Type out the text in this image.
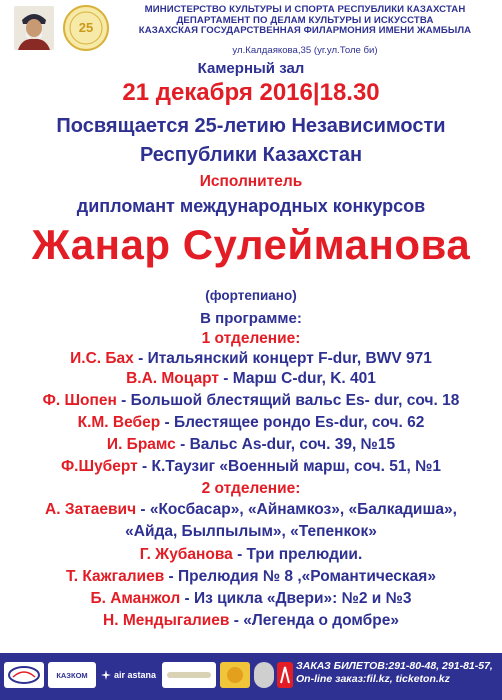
25
МИНИСТЕРСТВО КУЛЬТУРЫ И СПОРТА РЕСПУБЛИКИ КАЗАХСТАН
ДЕПАРТАМЕНТ ПО ДЕЛАМ КУЛЬТУРЫ И ИСКУССТВА
КАЗАХСКАЯ ГОСУДАРСТВЕННАЯ ФИЛАРМОНИЯ ИМЕНИ ЖАМБЫЛА
ул.Калдаякова,35 (уг.ул.Толе би)
Камерный зал
21 декабря 2016|18.30
Посвящается 25-летию Независимости
Республики Казахстан
Исполнитель
дипломант международных конкурсов
Жанар Сулейманова
(фортепиано)
В программе:
1 отделение:
И.С. Бах - Итальянский концерт F-dur, BWV 971
В.А. Моцарт - Марш C-dur, K. 401
Ф. Шопен - Большой блестящий вальс Es- dur, соч. 18
К.М. Вебер - Блестящее рондо Es-dur, соч. 62
И. Брамс - Вальс As-dur, соч. 39, №15
Ф.Шуберт - К.Таузиг «Военный марш, соч. 51, №1
2 отделение:
А. Затаевич - «Косбасар», «Айнамкоз», «Балкадиша»,
«Айда, Былпылым», «Тепенкок»
Г. Жубанова - Три прелюдии.
Т. Кажгалиев - Прелюдия № 8 ,«Романтическая»
Б. Аманжол - Из цикла «Двери»: №2 и №3
Н. Мендыгалиев - «Легенда о домбре»
КАЗКОМ	air astana
ЗАКАЗ БИЛЕТОВ:291-80-48, 291-81-57,
On-line заказ:fil.kz, ticketon.kz
